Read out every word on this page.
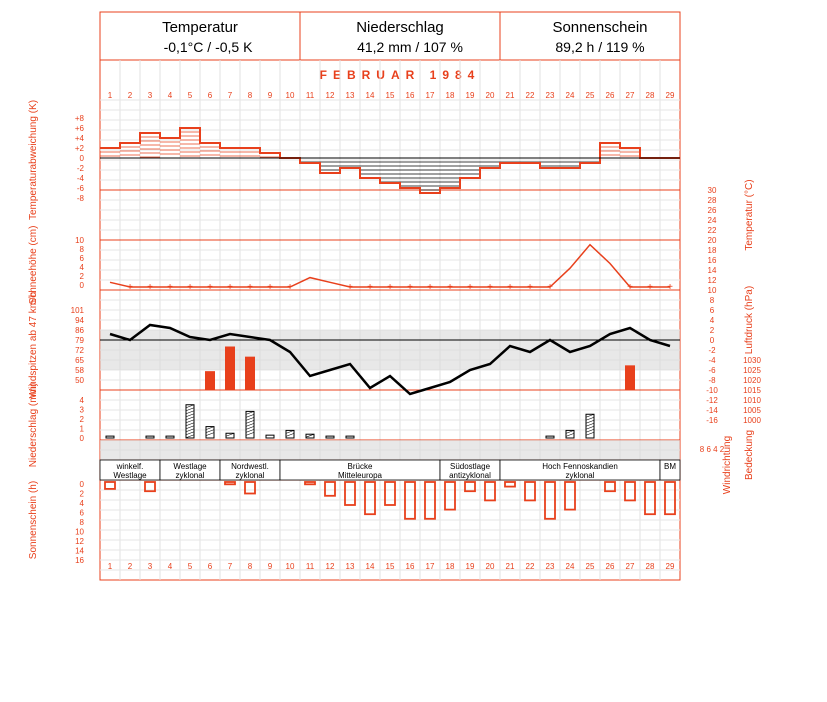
Temperatur
-0,1°C / -0,5 K
Niederschlag
41,2 mm / 107 %
Sonnenschein
89,2 h / 119 %
FEBRUAR 1984
+ + + + + + + + +	+ + + + + + + + + + +	+ + +
1
1
2
2
3
3
4
4
5
5
6
6
7
7
8
8
9
9
10
10
11
11
12
12
13
13
14
14
15
15
16
16
17
17
18
18
19
19
20
20
21
21
22
22
23
23
24
24
25
25
26
26
27
27
28
28
29
29
+8
+6
+4
+2
0
-2
-4
-6
-8
Temperaturabweichung (K)	30
28
26
24
22
20
18
16
14
12
10
8
6
4
2
0
-2
-4
-6
-8
-10
-12
-14
-16
Temperatur (°C)
10
8
6
4
2
0
Schneehöhe (cm)
101
94
86
79
72
65
58
50
Windspitzen ab 47 km/h	1030
1025
1020
1015
1010
1005
1000
Luftdruck (hPa)
4
3
2
1
0
Niederschlag (mm)	8 6 4 2
Windrichtung Bedeckung
winkelf.
Westlage
Westlage
zyklonal
Nordwestl.
zyklonal
Brücke
Mitteleuropa
Südostlage
antizyklonal
Hoch Fennoskandien
zyklonal
BM
0
2
4
6
8
10
12
14
16
Sonnenschein (h)
